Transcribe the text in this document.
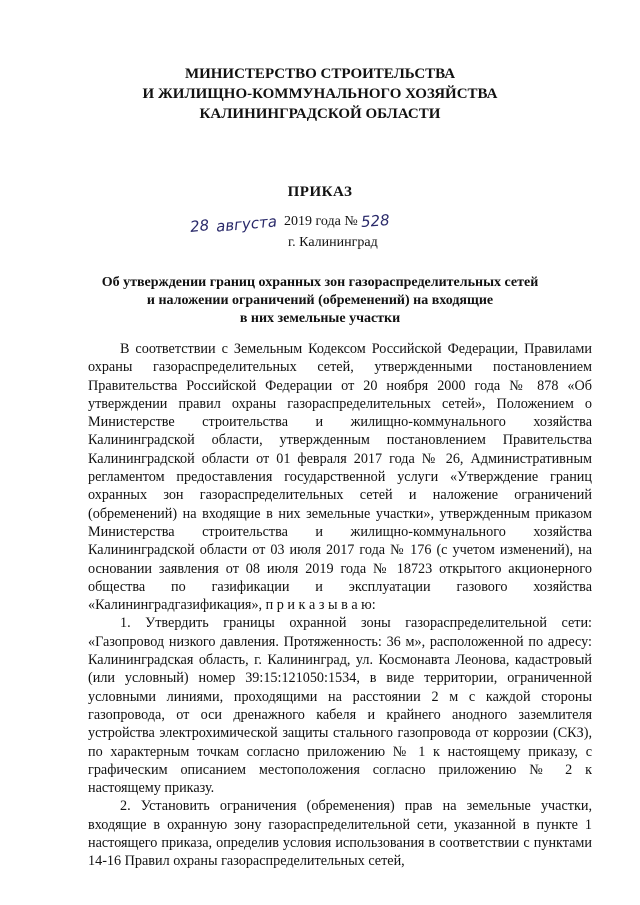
МИНИСТЕРСТВО СТРОИТЕЛЬСТВА
И ЖИЛИЩНО-КОММУНАЛЬНОГО ХОЗЯЙСТВА
КАЛИНИНГРАДСКОЙ ОБЛАСТИ
ПРИКАЗ
28 августа 2019 года № 528
г. Калининград
Об утверждении границ охранных зон газораспределительных сетей
и наложении ограничений (обременений) на входящие
в них земельные участки

В соответствии с Земельным Кодексом Российской Федерации, Правилами охраны газораспределительных сетей, утвержденными постановлением Правительства Российской Федерации от 20 ноября 2000 года № 878 «Об утверждении правил охраны газораспределительных сетей», Положением о Министерстве строительства и жилищно-коммунального хозяйства Калининградской области, утвержденным постановлением Правительства Калининградской области от 01 февраля 2017 года № 26, Административным регламентом предоставления государственной услуги «Утверждение границ охранных зон газораспределительных сетей и наложение ограничений (обременений) на входящие в них земельные участки», утвержденным приказом Министерства строительства и жилищно-коммунального хозяйства Калининградской области от 03 июля 2017 года № 176 (с учетом изменений), на основании заявления от 08 июля 2019 года № 18723 открытого акционерного общества по газификации и эксплуатации газового хозяйства «Калининградгазификация», п р и к а з ы в а ю:

1. Утвердить границы охранной зоны газораспределительной сети: «Газопровод низкого давления. Протяженность: 36 м», расположенной по адресу: Калининградская область, г. Калининград, ул. Космонавта Леонова, кадастровый (или условный) номер 39:15:121050:1534, в виде территории, ограниченной условными линиями, проходящими на расстоянии 2 м с каждой стороны газопровода, от оси дренажного кабеля и крайнего анодного заземлителя устройства электрохимической защиты стального газопровода от коррозии (СКЗ), по характерным точкам согласно приложению № 1 к настоящему приказу, с графическим описанием местоположения согласно приложению № 2 к настоящему приказу.

2. Установить ограничения (обременения) прав на земельные участки, входящие в охранную зону газораспределительной сети, указанной в пункте 1 настоящего приказа, определив условия использования в соответствии с пунктами 14-16 Правил охраны газораспределительных сетей,
